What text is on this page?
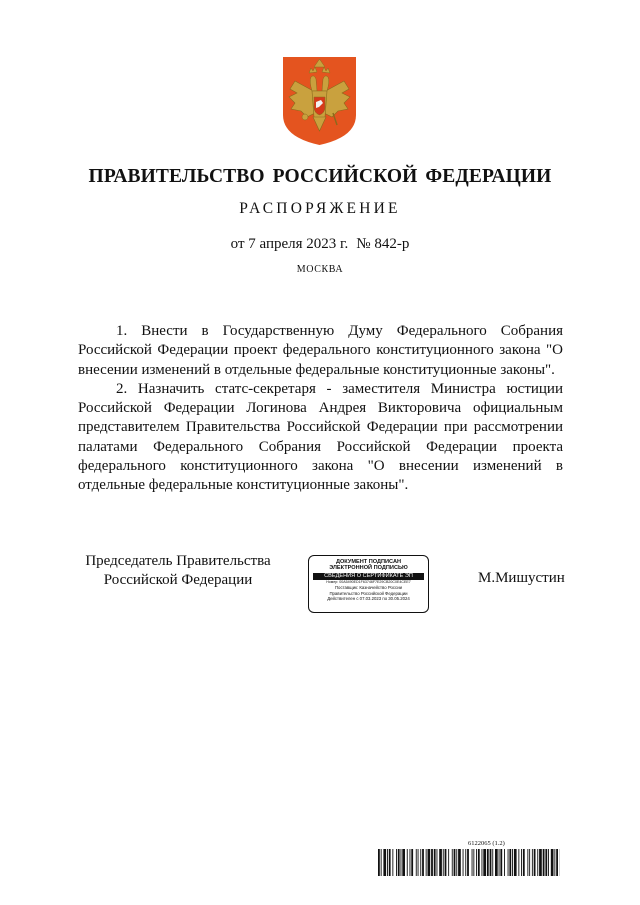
ПРАВИТЕЛЬСТВО РОССИЙСКОЙ ФЕДЕРАЦИИ
РАСПОРЯЖЕНИЕ
от 7 апреля 2023 г. № 842-р
МОСКВА

1. Внести в Государственную Думу Федерального Собрания Российской Федерации проект федерального конституционного закона "О внесении изменений в отдельные федеральные конституционные законы".

2. Назначить статс-секретаря - заместителя Министра юстиции Российской Федерации Логинова Андрея Викторовича официальным представителем Правительства Российской Федерации при рассмотрении палатами Федерального Собрания Российской Федерации проекта федерального конституционного закона "О внесении изменений в отдельные федеральные конституционные законы".

Председатель Правительства
Российской Федерации
ДОКУМЕНТ ПОДПИСАН
ЭЛЕКТРОННОЙ ПОДПИСЬЮ
СВЕДЕНИЯ О СЕРТИФИКАТЕ ЭП
Номер: 00A5490ED1F63746F7E29CB20C0E4CEE7
Поставщик: Казначейство России
Правительство Российской Федерации
Действителен с 07.03.2023 по 30.05.2024
М.Мишустин
6122065 (1.2)
